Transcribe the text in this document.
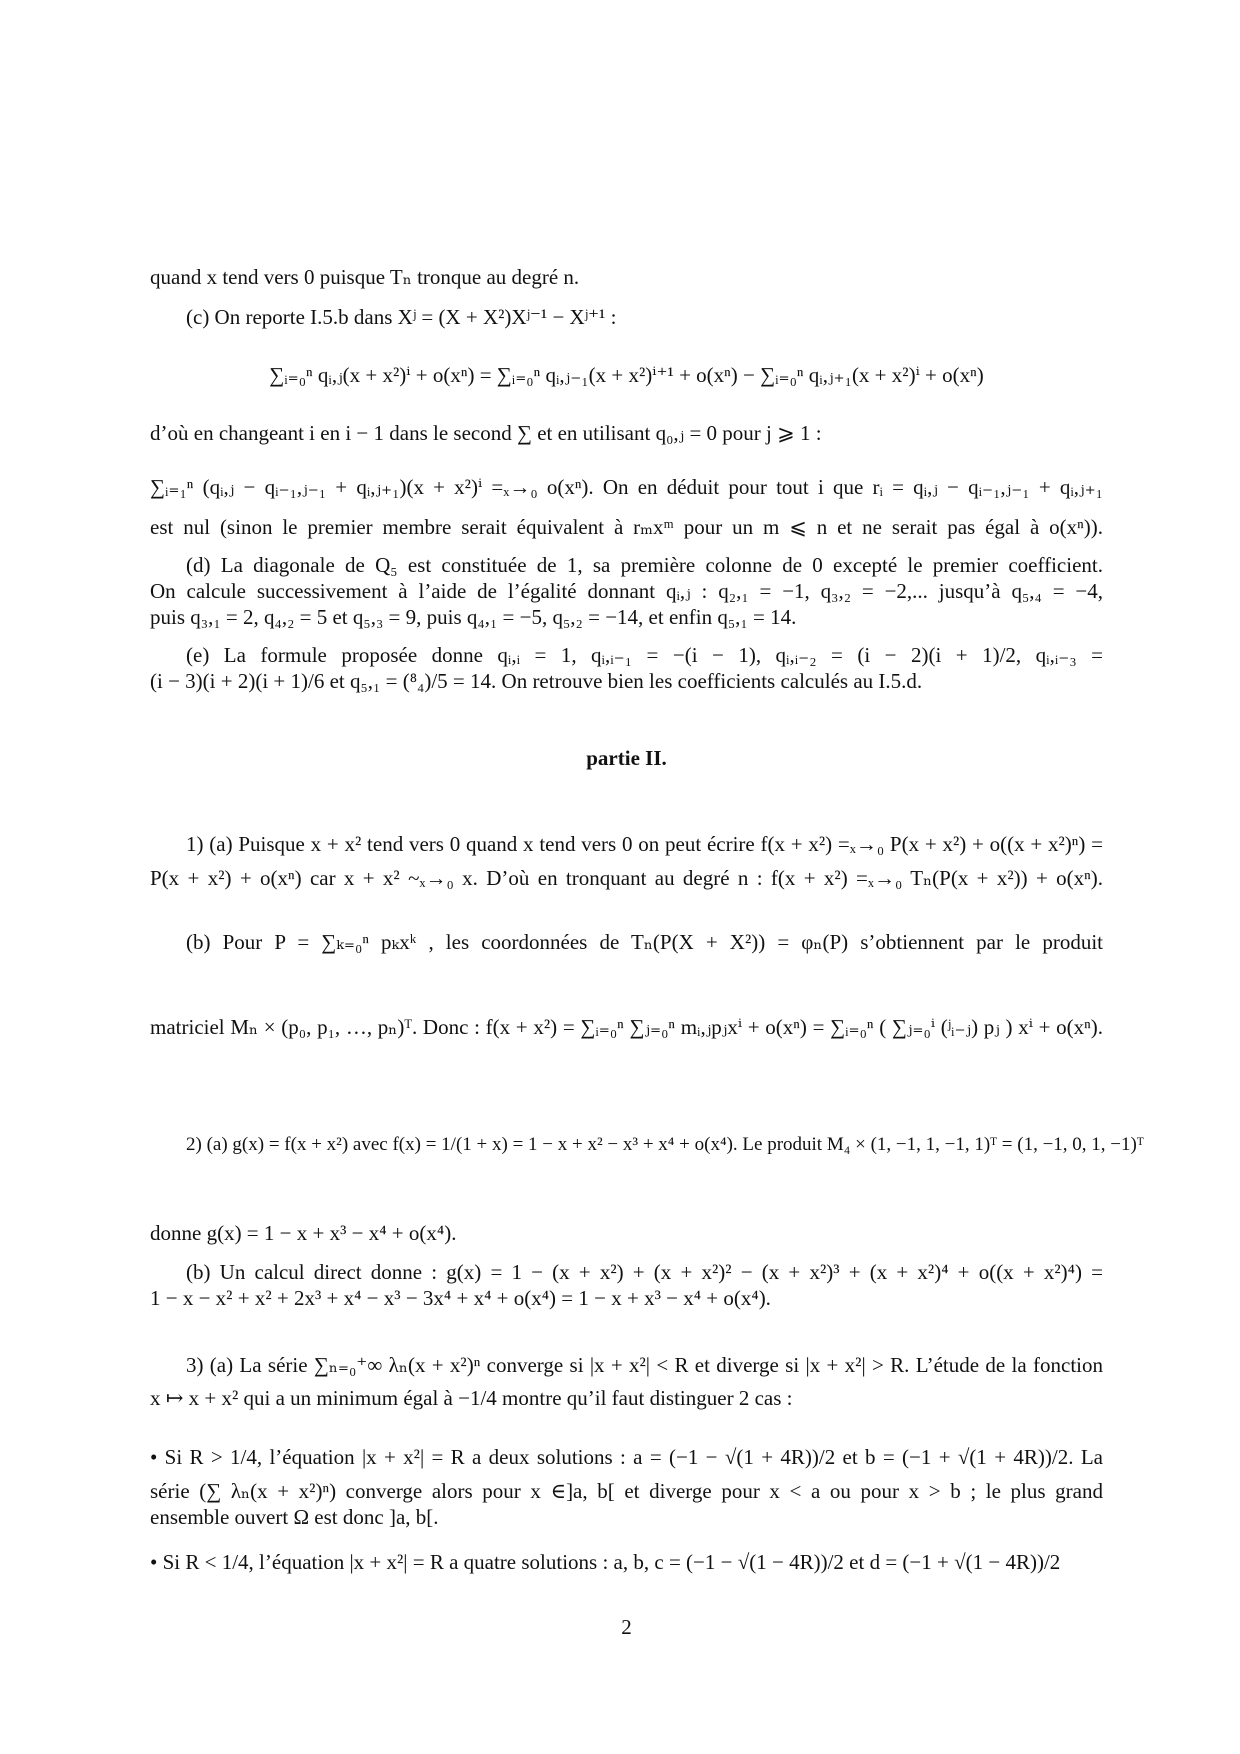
quand x tend vers 0 puisque Tₙ tronque au degré n.
(c) On reporte I.5.b dans Xʲ = (X + X²)Xʲ⁻¹ − Xʲ⁺¹ :
∑ᵢ₌₀ⁿ qᵢ,ⱼ(x + x²)ⁱ + o(xⁿ) = ∑ᵢ₌₀ⁿ qᵢ,ⱼ₋₁(x + x²)ⁱ⁺¹ + o(xⁿ) − ∑ᵢ₌₀ⁿ qᵢ,ⱼ₊₁(x + x²)ⁱ + o(xⁿ)
d’où en changeant i en i − 1 dans le second ∑ et en utilisant q₀,ⱼ = 0 pour j ⩾ 1 :
∑ᵢ₌₁ⁿ (qᵢ,ⱼ − qᵢ₋₁,ⱼ₋₁ + qᵢ,ⱼ₊₁)(x + x²)ⁱ =ₓ→₀ o(xⁿ). On en déduit pour tout i que rᵢ = qᵢ,ⱼ − qᵢ₋₁,ⱼ₋₁ + qᵢ,ⱼ₊₁
est nul (sinon le premier membre serait équivalent à rₘxᵐ pour un m ⩽ n et ne serait pas égal à o(xⁿ)).
(d) La diagonale de Q₅ est constituée de 1, sa première colonne de 0 excepté le premier coefficient.
On calcule successivement à l’aide de l’égalité donnant qᵢ,ⱼ : q₂,₁ = −1, q₃,₂ = −2,... jusqu’à q₅,₄ = −4,
puis q₃,₁ = 2, q₄,₂ = 5 et q₅,₃ = 9, puis q₄,₁ = −5, q₅,₂ = −14, et enfin q₅,₁ = 14.
(e) La formule proposée donne qᵢ,ᵢ = 1, qᵢ,ᵢ₋₁ = −(i − 1), qᵢ,ᵢ₋₂ = (i − 2)(i + 1)/2, qᵢ,ᵢ₋₃ =
(i − 3)(i + 2)(i + 1)/6 et q₅,₁ = (⁸₄)/5 = 14. On retrouve bien les coefficients calculés au I.5.d.
partie II.
1) (a) Puisque x + x² tend vers 0 quand x tend vers 0 on peut écrire f(x + x²) =ₓ→₀ P(x + x²) + o((x + x²)ⁿ) =
P(x + x²) + o(xⁿ) car x + x² ~ₓ→₀ x. D’où en tronquant au degré n : f(x + x²) =ₓ→₀ Tₙ(P(x + x²)) + o(xⁿ).
(b) Pour P = ∑ₖ₌₀ⁿ pₖxᵏ , les coordonnées de Tₙ(P(X + X²)) = φₙ(P) s’obtiennent par le produit
matriciel Mₙ × (p₀, p₁, …, pₙ)ᵀ. Donc : f(x + x²) = ∑ᵢ₌₀ⁿ ∑ⱼ₌₀ⁿ mᵢ,ⱼpⱼxⁱ + o(xⁿ) = ∑ᵢ₌₀ⁿ ( ∑ⱼ₌₀ⁱ (ʲᵢ₋ⱼ) pⱼ ) xⁱ + o(xⁿ).
2) (a) g(x) = f(x + x²) avec f(x) = 1/(1 + x) = 1 − x + x² − x³ + x⁴ + o(x⁴). Le produit M₄ × (1, −1, 1, −1, 1)ᵀ = (1, −1, 0, 1, −1)ᵀ
donne g(x) = 1 − x + x³ − x⁴ + o(x⁴).
(b) Un calcul direct donne : g(x) = 1 − (x + x²) + (x + x²)² − (x + x²)³ + (x + x²)⁴ + o((x + x²)⁴) =
1 − x − x² + x² + 2x³ + x⁴ − x³ − 3x⁴ + x⁴ + o(x⁴) = 1 − x + x³ − x⁴ + o(x⁴).
3) (a) La série ∑ₙ₌₀⁺∞ λₙ(x + x²)ⁿ converge si |x + x²| < R et diverge si |x + x²| > R. L’étude de la fonction
x ↦ x + x² qui a un minimum égal à −1/4 montre qu’il faut distinguer 2 cas :
• Si R > 1/4, l’équation |x + x²| = R a deux solutions : a = (−1 − √(1 + 4R))/2 et b = (−1 + √(1 + 4R))/2. La
série (∑ λₙ(x + x²)ⁿ) converge alors pour x ∈]a, b[ et diverge pour x < a ou pour x > b ; le plus grand
ensemble ouvert Ω est donc ]a, b[.
• Si R < 1/4, l’équation |x + x²| = R a quatre solutions : a, b, c = (−1 − √(1 − 4R))/2 et d = (−1 + √(1 − 4R))/2
2
